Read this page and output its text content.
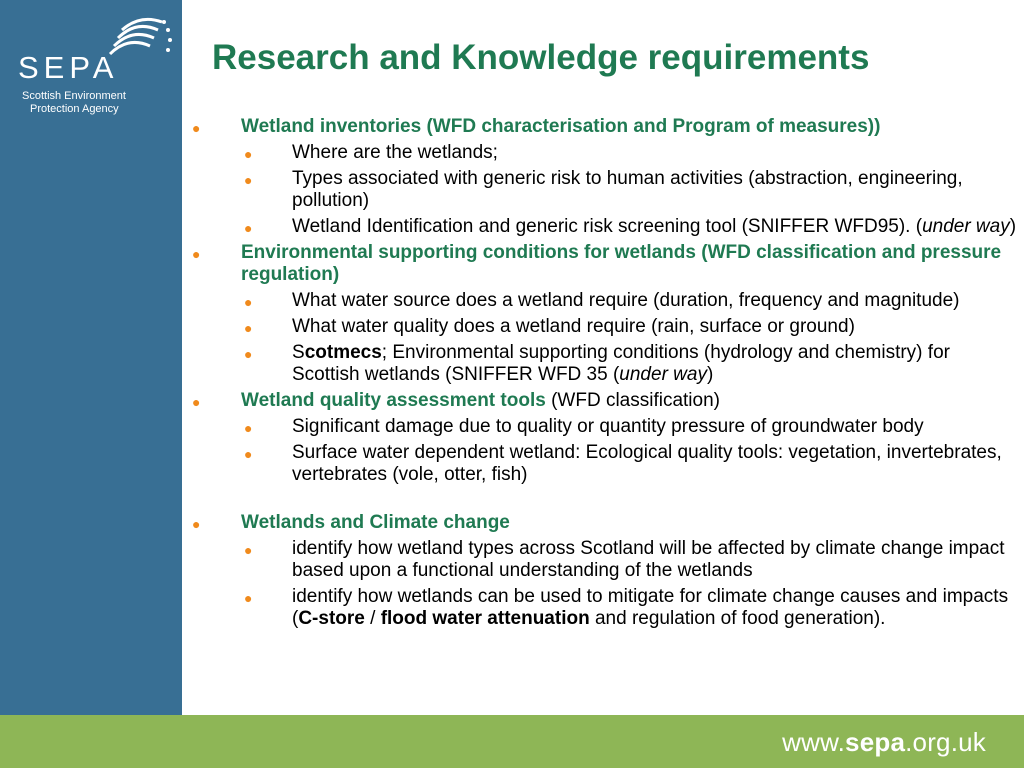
SEPA
Scottish Environment
Protection Agency
Research and Knowledge requirements
● Wetland inventories (WFD characterisation and Program of measures))
● Where are the wetlands;
● Types associated with generic risk to human activities (abstraction, engineering, pollution)
● Wetland Identification and generic risk screening tool (SNIFFER WFD95). (under way)
● Environmental supporting conditions for wetlands (WFD classification and pressure regulation)
● What water source does a wetland require (duration, frequency and magnitude)
● What water quality does a wetland require (rain, surface or ground)
● Scotmecs; Environmental supporting conditions (hydrology and chemistry) for Scottish wetlands (SNIFFER WFD 35 (under way)
● Wetland quality assessment tools (WFD classification)
● Significant damage due to quality or quantity pressure of groundwater body
● Surface water dependent wetland: Ecological quality tools: vegetation, invertebrates, vertebrates (vole, otter, fish)
● Wetlands and Climate change
● identify how wetland types across Scotland will be affected by climate change impact based upon a functional understanding of the wetlands
● identify how wetlands can be used to mitigate for climate change causes and impacts (C-store / flood water attenuation and regulation of food generation).
www.sepa.org.uk
